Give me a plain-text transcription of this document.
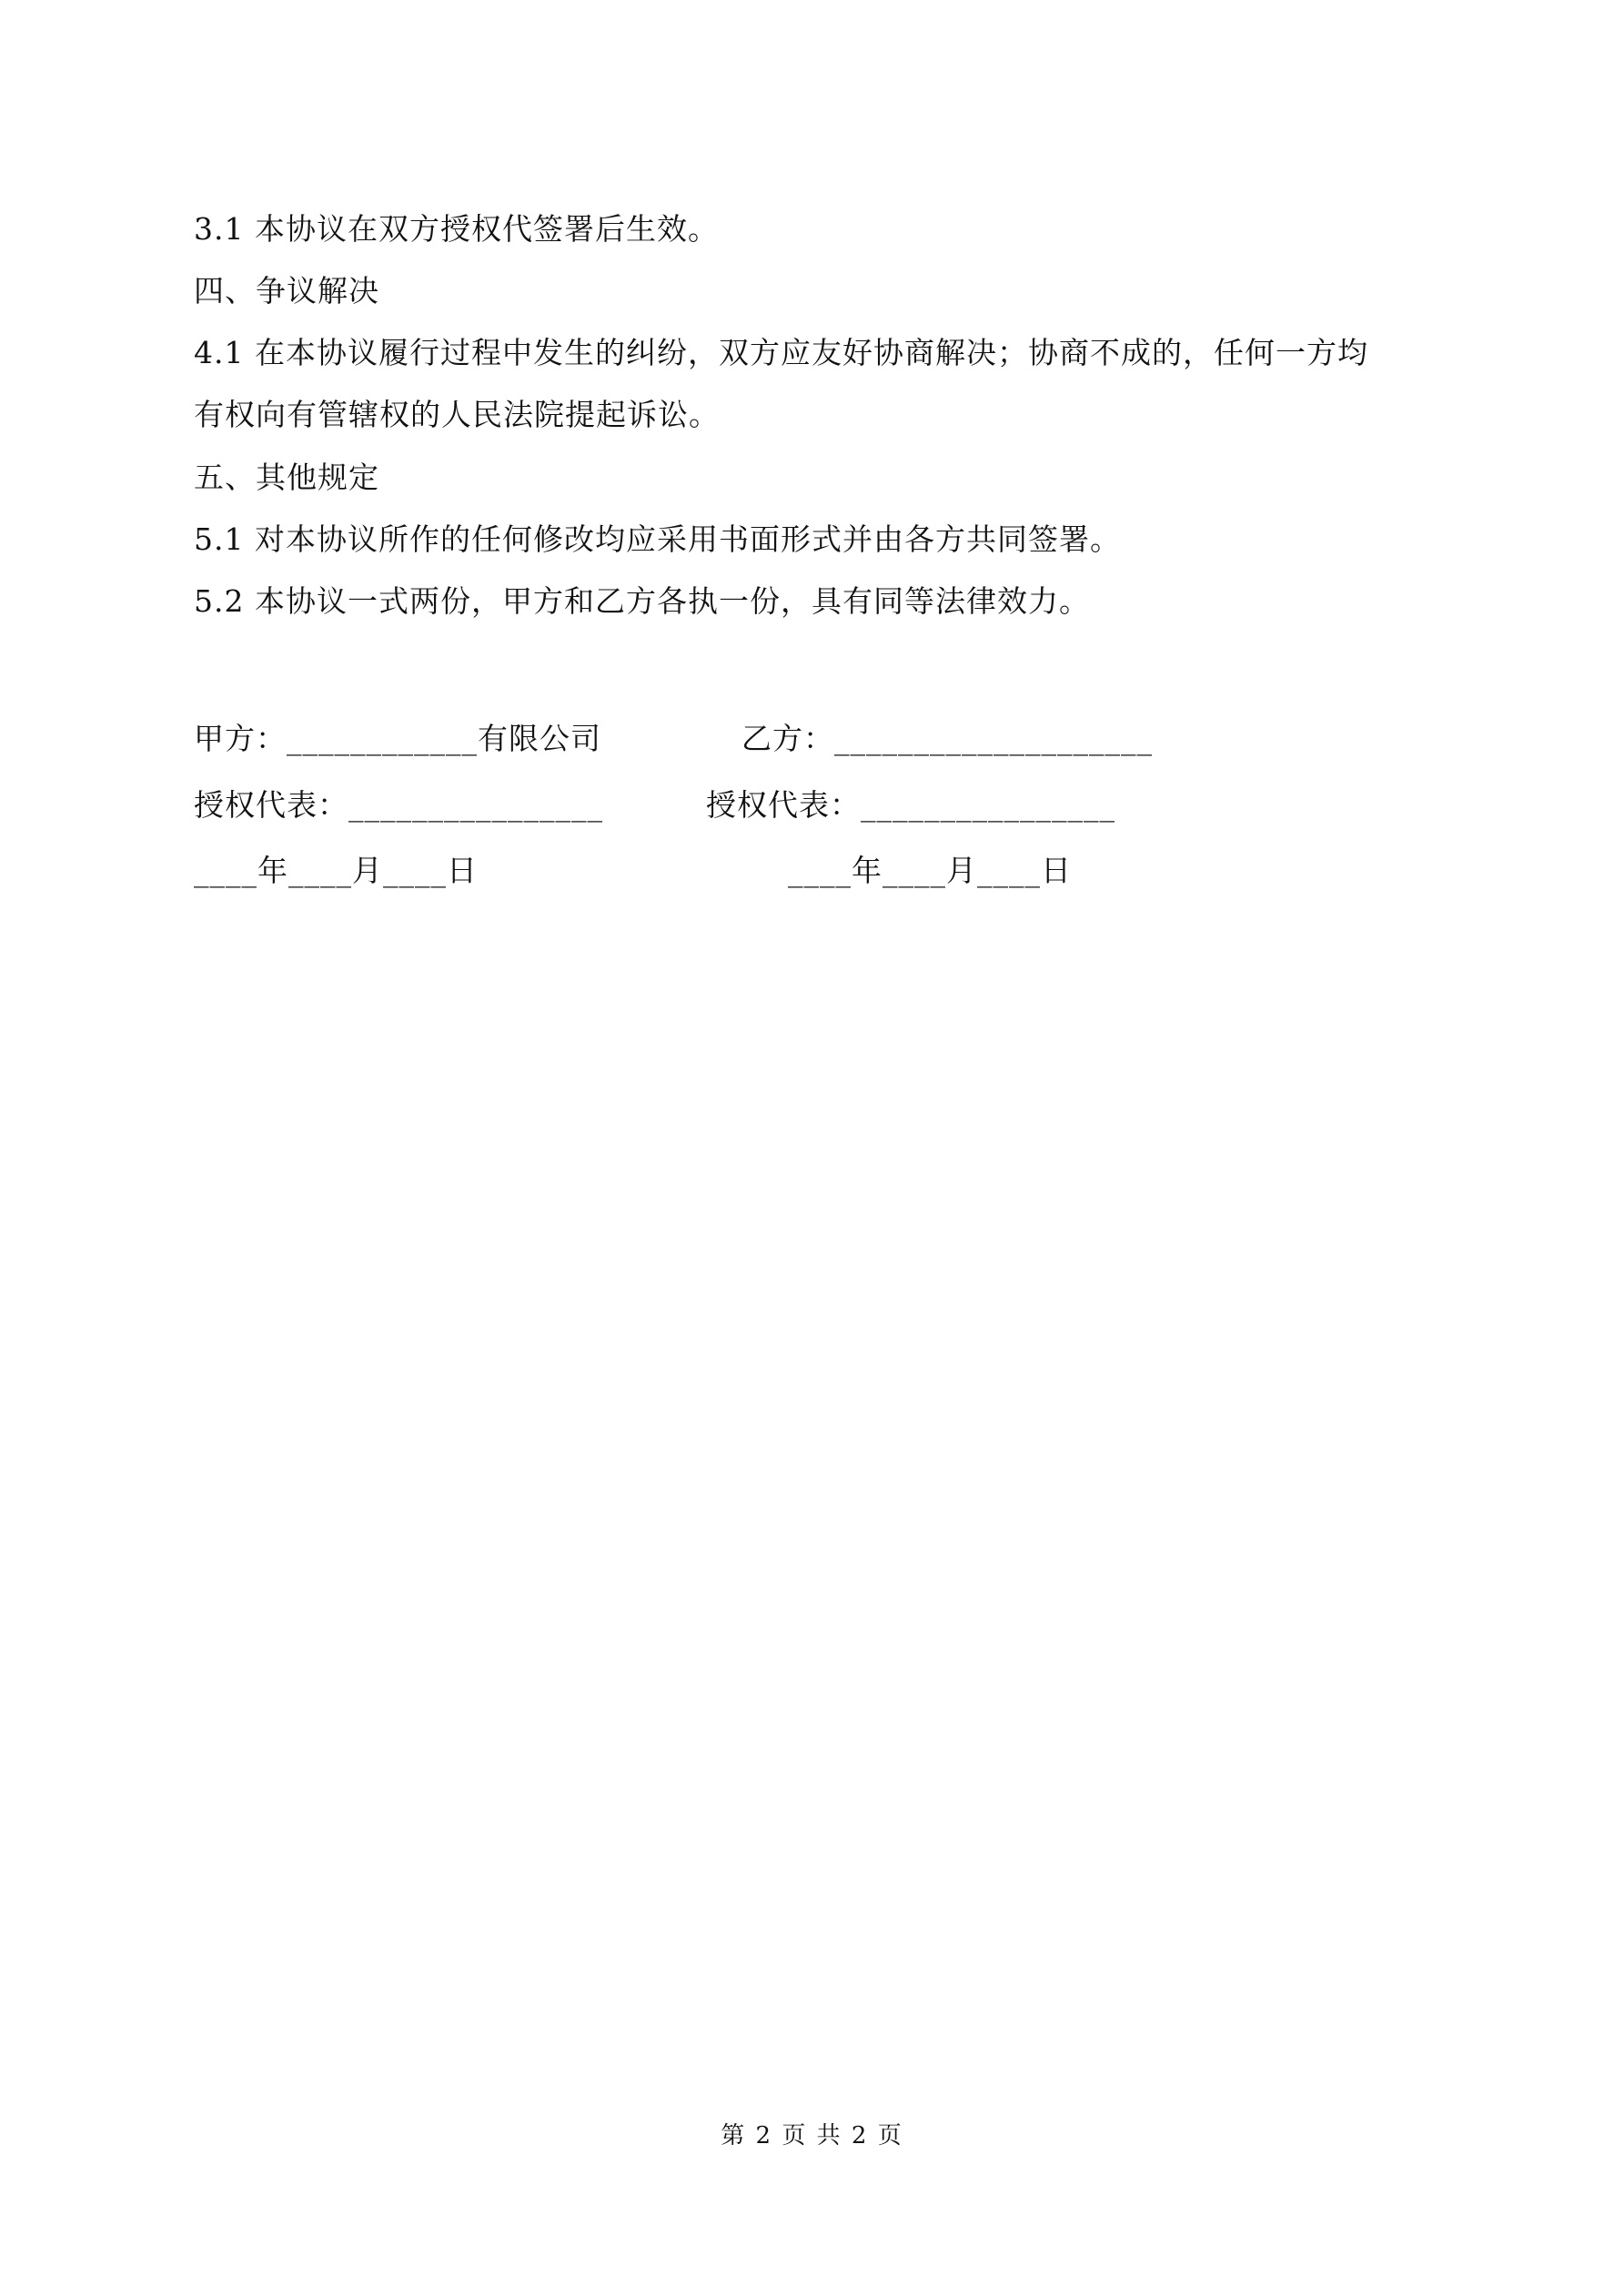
3.1 本协议在双方授权代签署后生效。
四、争议解决
4.1 在本协议履行过程中发生的纠纷，双方应友好协商解决；协商不成的，任何一方均
有权向有管辖权的人民法院提起诉讼。
五、其他规定
5.1 对本协议所作的任何修改均应采用书面形式并由各方共同签署。
5.2 本协议一式两份，甲方和乙方各执一份，具有同等法律效力。
甲方：____________有限公司	乙方：____________________
授权代表：________________	授权代表：________________
____年____月____日	____年____月____日
第 2 页 共 2 页
